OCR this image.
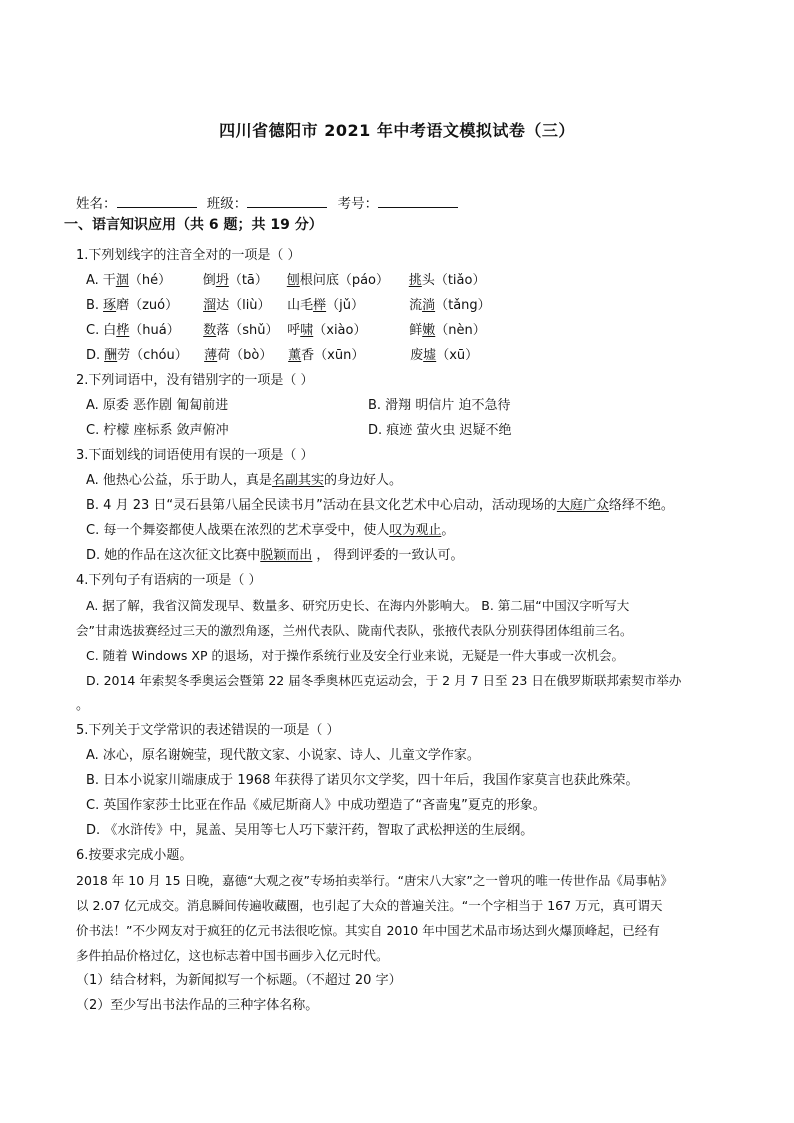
四川省德阳市 2021 年中考语文模拟试卷（三）
姓名：	班级：	考号：
一、语言知识应用（共 6 题；共 19 分）
1.下列划线字的注音全对的一项是（ ）
A. 干涸（hé） 倒坍（tā） 刨根问底（páo） 挑头（tiǎo）
B. 琢磨（zuó） 溜达（liù） 山毛榉（jǔ）	流淌（tǎng）
C. 白桦（huá） 数落（shǔ） 呼啸（xiào）	鲜嫩（nèn）
D. 酬劳（chóu） 薄荷（bò） 薰香（xūn）	废墟（xū）
2.下列词语中，没有错别字的一项是（ ）
A. 原委 恶作剧 匍匐前进	B. 滑翔 明信片 迫不急待
C. 柠檬 座标系 敛声俯冲	D. 痕迹 萤火虫 迟疑不绝
3.下面划线的词语使用有误的一项是（ ）
A. 他热心公益，乐于助人，真是名副其实的身边好人。
B. 4 月 23 日“灵石县第八届全民读书月”活动在县文化艺术中心启动，活动现场的大庭广众络绎不绝。
C. 每一个舞姿都使人战栗在浓烈的艺术享受中，使人叹为观止。
D. 她的作品在这次征文比赛中脱颖而出 ， 得到评委的一致认可。
4.下列句子有语病的一项是（ ）
A. 据了解，我省汉简发现早、数量多、研究历史长、在海内外影响大。 B. 第二届“中国汉字听写大
会”甘肃选拔赛经过三天的激烈角逐，兰州代表队、陇南代表队，张掖代表队分别获得团体组前三名。
C. 随着 Windows XP 的退场，对于操作系统行业及安全行业来说，无疑是一件大事或一次机会。
D. 2014 年索契冬季奥运会暨第 22 届冬季奥林匹克运动会，于 2 月 7 日至 23 日在俄罗斯联邦索契市举办
。
5.下列关于文学常识的表述错误的一项是（ ）
A. 冰心，原名谢婉莹，现代散文家、小说家、诗人、儿童文学作家。
B. 日本小说家川端康成于 1968 年获得了诺贝尔文学奖，四十年后，我国作家莫言也获此殊荣。
C. 英国作家莎士比亚在作品《威尼斯商人》中成功塑造了“吝啬鬼”夏克的形象。
D. 《水浒传》中，晁盖、吴用等七人巧下蒙汗药，智取了武松押送的生辰纲。
6.按要求完成小题。
2018 年 10 月 15 日晚，嘉德“大观之夜”专场拍卖举行。“唐宋八大家”之一曾巩的唯一传世作品《局事帖》
以 2.07 亿元成交。消息瞬间传遍收藏圈，也引起了大众的普遍关注。“一个字相当于 167 万元，真可谓天
价书法！”不少网友对于疯狂的亿元书法很吃惊。其实自 2010 年中国艺术品市场达到火爆顶峰起，已经有
多件拍品价格过亿，这也标志着中国书画步入亿元时代。
（1）结合材料，为新闻拟写一个标题。（不超过 20 字）
（2）至少写出书法作品的三种字体名称。
